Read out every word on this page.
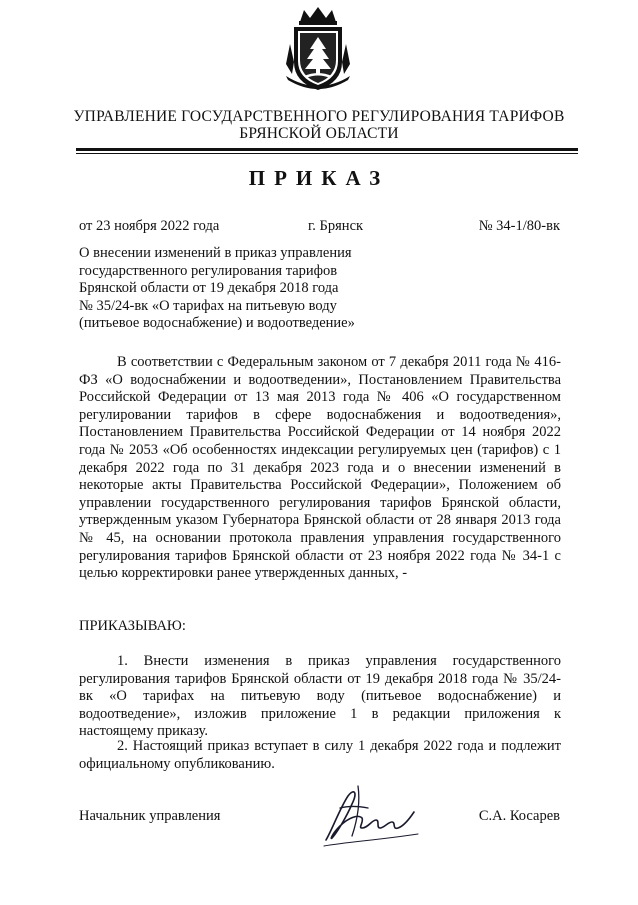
УПРАВЛЕНИЕ ГОСУДАРСТВЕННОГО РЕГУЛИРОВАНИЯ ТАРИФОВ
БРЯНСКОЙ ОБЛАСТИ
ПРИКАЗ
от 23 ноября 2022 года	г. Брянск	№ 34-1/80-вк
О внесении изменений в приказ управления
государственного регулирования тарифов
Брянской области от 19 декабря 2018 года
№ 35/24-вк «О тарифах на питьевую воду
(питьевое водоснабжение) и водоотведение»
В соответствии с Федеральным законом от 7 декабря 2011 года № 416-ФЗ «О водоснабжении и водоотведении», Постановлением Правительства Российской Федерации от 13 мая 2013 года № 406 «О государственном регулировании тарифов в сфере водоснабжения и водоотведения», Постановлением Правительства Российской Федерации от 14 ноября 2022 года № 2053 «Об особенностях индексации регулируемых цен (тарифов) с 1 декабря 2022 года по 31 декабря 2023 года и о внесении изменений в некоторые акты Правительства Российской Федерации», Положением об управлении государственного регулирования тарифов Брянской области, утвержденным указом Губернатора Брянской области от 28 января 2013 года № 45, на основании протокола правления управления государственного регулирования тарифов Брянской области от 23 ноября 2022 года № 34-1 с целью корректировки ранее утвержденных данных, -
ПРИКАЗЫВАЮ:
1. Внести изменения в приказ управления государственного регулирования тарифов Брянской области от 19 декабря 2018 года № 35/24-вк «О тарифах на питьевую воду (питьевое водоснабжение) и водоотведение», изложив приложение 1 в редакции приложения к настоящему приказу.
2. Настоящий приказ вступает в силу 1 декабря 2022 года и подлежит официальному опубликованию.
Начальник управления	С.А. Косарев
